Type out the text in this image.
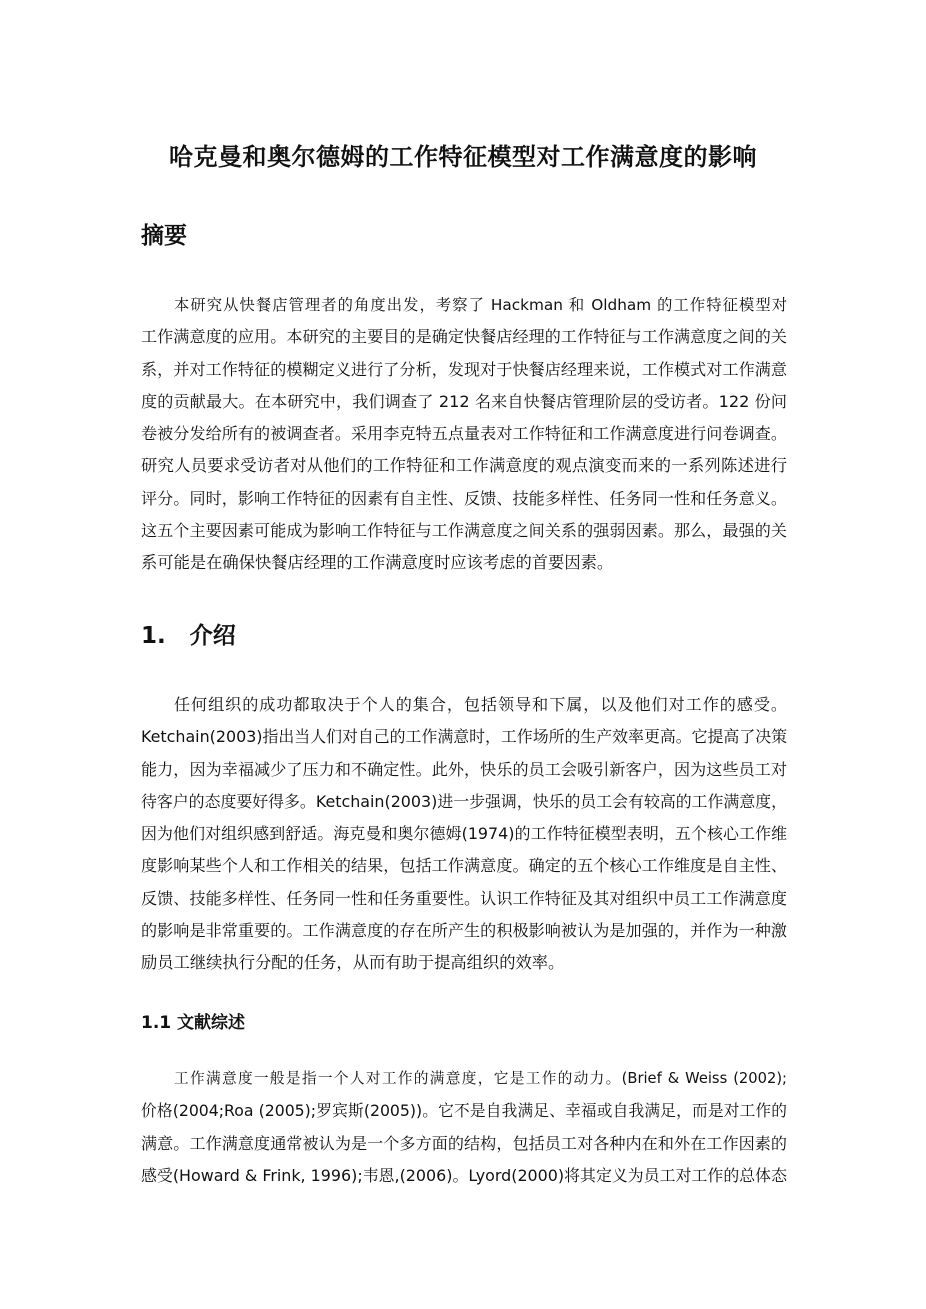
哈克曼和奥尔德姆的工作特征模型对工作满意度的影响
摘要

本研究从快餐店管理者的角度出发，考察了 Hackman 和 Oldham 的工作特征模型对
工作满意度的应用。本研究的主要目的是确定快餐店经理的工作特征与工作满意度之间的关
系，并对工作特征的模糊定义进行了分析，发现对于快餐店经理来说，工作模式对工作满意
度的贡献最大。在本研究中，我们调查了 212 名来自快餐店管理阶层的受访者。122 份问
卷被分发给所有的被调查者。采用李克特五点量表对工作特征和工作满意度进行问卷调查。
研究人员要求受访者对从他们的工作特征和工作满意度的观点演变而来的一系列陈述进行
评分。同时，影响工作特征的因素有自主性、反馈、技能多样性、任务同一性和任务意义。
这五个主要因素可能成为影响工作特征与工作满意度之间关系的强弱因素。那么，最强的关
系可能是在确保快餐店经理的工作满意度时应该考虑的首要因素。

1.   介绍

任何组织的成功都取决于个人的集合，包括领导和下属，以及他们对工作的感受。
Ketchain(2003)指出当人们对自己的工作满意时，工作场所的生产效率更高。它提高了决策
能力，因为幸福减少了压力和不确定性。此外，快乐的员工会吸引新客户，因为这些员工对
待客户的态度要好得多。Ketchain(2003)进一步强调，快乐的员工会有较高的工作满意度，
因为他们对组织感到舒适。海克曼和奥尔德姆(1974)的工作特征模型表明，五个核心工作维
度影响某些个人和工作相关的结果，包括工作满意度。确定的五个核心工作维度是自主性、
反馈、技能多样性、任务同一性和任务重要性。认识工作特征及其对组织中员工工作满意度
的影响是非常重要的。工作满意度的存在所产生的积极影响被认为是加强的，并作为一种激
励员工继续执行分配的任务，从而有助于提高组织的效率。

1.1 文献综述

工作满意度一般是指一个人对工作的满意度，它是工作的动力。(Brief & Weiss (2002);
价格(2004;Roa (2005);罗宾斯(2005))。它不是自我满足、幸福或自我满足，而是对工作的
满意。工作满意度通常被认为是一个多方面的结构，包括员工对各种内在和外在工作因素的
感受(Howard & Frink, 1996);韦恩,(2006)。Lyord(2000)将其定义为员工对工作的总体态
